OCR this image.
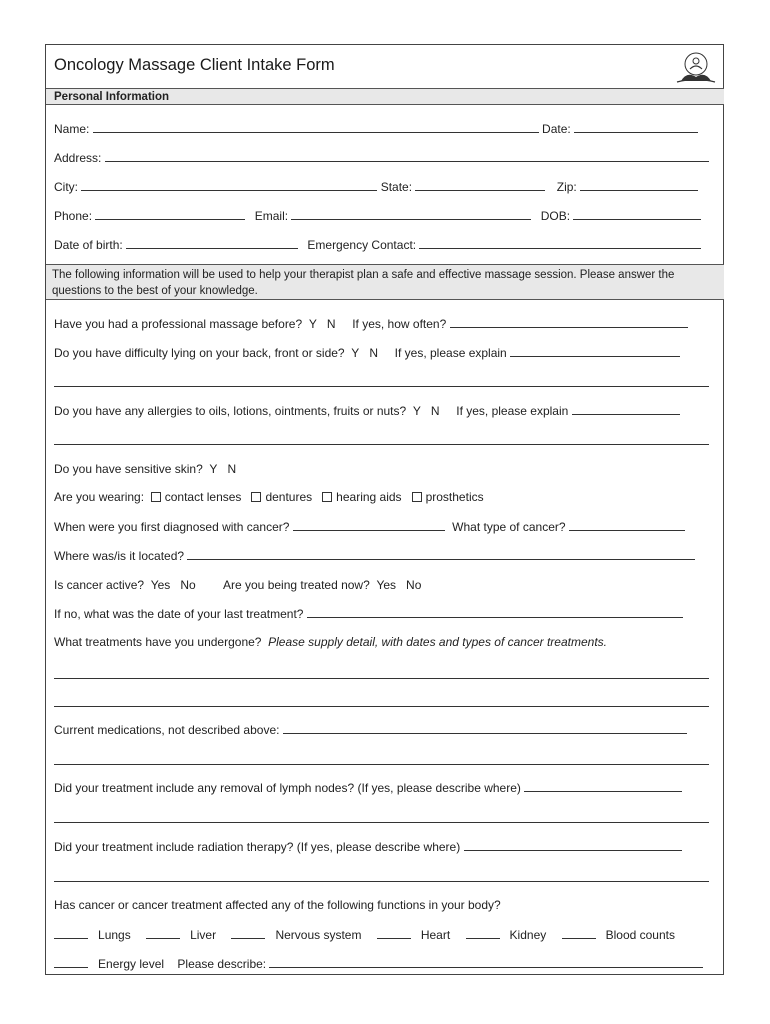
Oncology Massage Client Intake Form
Personal Information
Name:	Date:
Address:
City:	State:	Zip:
Phone:	Email:	DOB:
Date of birth:	Emergency Contact:
The following information will be used to help your therapist plan a safe and effective massage session. Please answer the questions to the best of your knowledge.
Have you had a professional massage before? Y N If yes, how often?
Do you have difficulty lying on your back, front or side? Y N If yes, please explain
Do you have any allergies to oils, lotions, ointments, fruits or nuts? Y N If yes, please explain
Do you have sensitive skin? Y N
Are you wearing: contact lenses dentures hearing aids prosthetics
When were you first diagnosed with cancer?	What type of cancer?
Where was/is it located?
Is cancer active? Yes No Are you being treated now? Yes No
If no, what was the date of your last treatment?
What treatments have you undergone? Please supply detail, with dates and types of cancer treatments.
Current medications, not described above:
Did your treatment include any removal of lymph nodes? (If yes, please describe where)
Did your treatment include radiation therapy? (If yes, please describe where)
Has cancer or cancer treatment affected any of the following functions in your body?
Lungs	Liver	Nervous system	Heart	Kidney	Blood counts
Energy level Please describe:
